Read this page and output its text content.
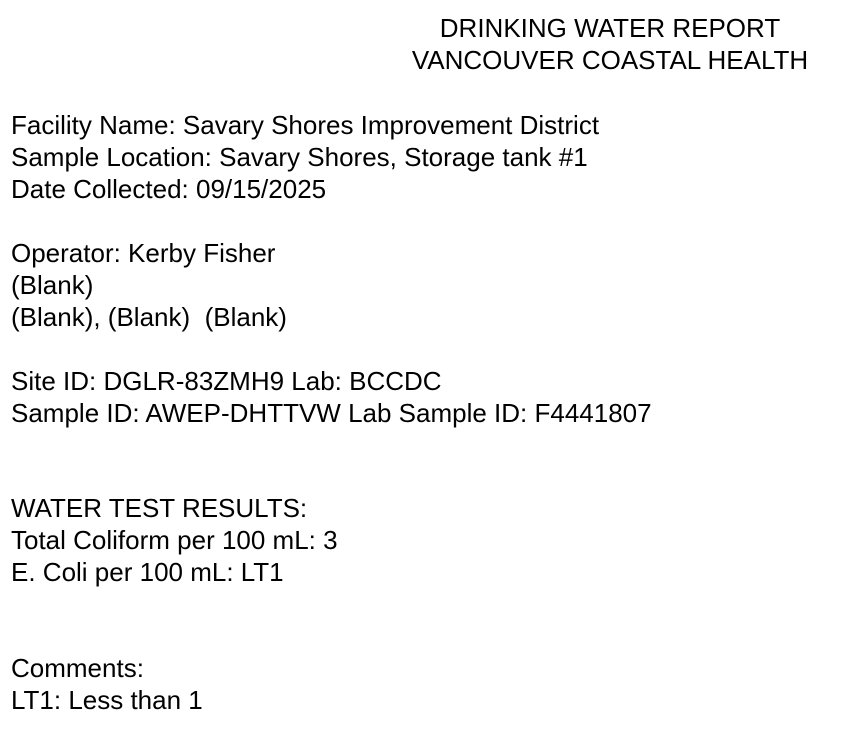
DRINKING WATER REPORT
VANCOUVER COASTAL HEALTH
Facility Name: Savary Shores Improvement District
Sample Location: Savary Shores, Storage tank #1
Date Collected: 09/15/2025
Operator: Kerby Fisher
(Blank)
(Blank), (Blank)  (Blank)
Site ID: DGLR-83ZMH9 Lab: BCCDC
Sample ID: AWEP-DHTTVW Lab Sample ID: F4441807
WATER TEST RESULTS:
Total Coliform per 100 mL: 3
E. Coli per 100 mL: LT1
Comments:
LT1: Less than 1
